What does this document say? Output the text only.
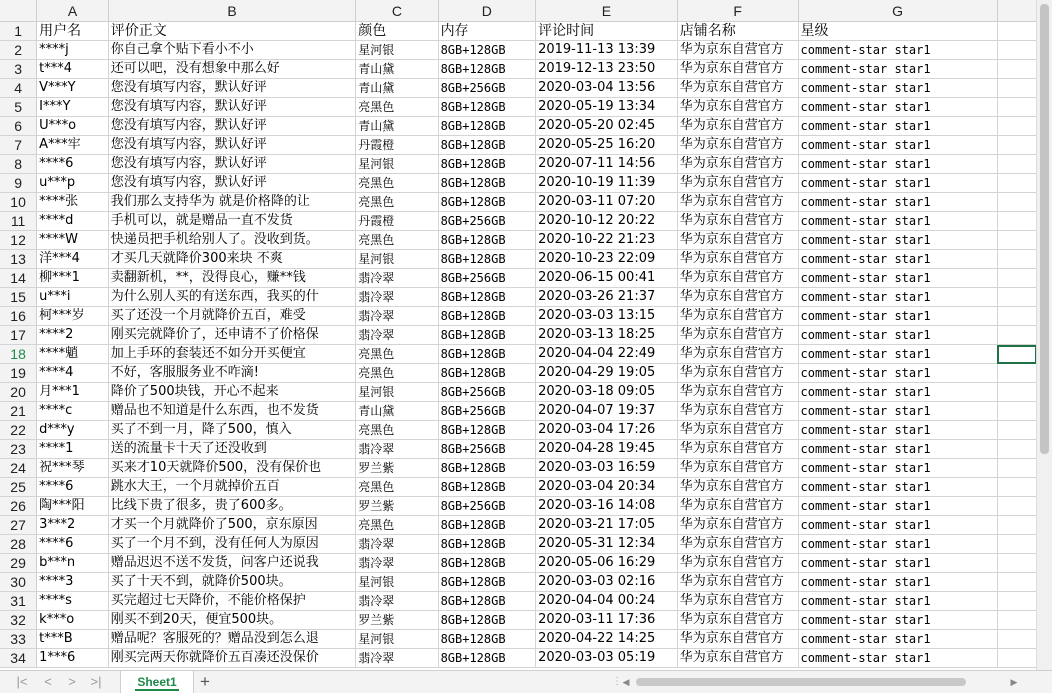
	A	B	C	D	E	F	G	
1	用户名	评价正文	颜色	内存	评论时间	店铺名称	星级	
2	****j	你自己拿个贴下看小不小	星河银	8GB+128GB	2019-11-13 13:39	华为京东自营官方	comment-star star1	
3	t***4	还可以吧，没有想象中那么好	青山黛	8GB+128GB	2019-12-13 23:50	华为京东自营官方	comment-star star1	
4	V***Y	您没有填写内容，默认好评	青山黛	8GB+256GB	2020-03-04 13:56	华为京东自营官方	comment-star star1	
5	I***Y	您没有填写内容，默认好评	亮黑色	8GB+128GB	2020-05-19 13:34	华为京东自营官方	comment-star star1	
6	U***o	您没有填写内容，默认好评	青山黛	8GB+128GB	2020-05-20 02:45	华为京东自营官方	comment-star star1	
7	A***牢	您没有填写内容，默认好评	丹霞橙	8GB+128GB	2020-05-25 16:20	华为京东自营官方	comment-star star1	
8	****6	您没有填写内容，默认好评	星河银	8GB+128GB	2020-07-11 14:56	华为京东自营官方	comment-star star1	
9	u***p	您没有填写内容，默认好评	亮黑色	8GB+128GB	2020-10-19 11:39	华为京东自营官方	comment-star star1	
10	****张	我们那么支持华为 就是价格降的让	亮黑色	8GB+128GB	2020-03-11 07:20	华为京东自营官方	comment-star star1	
11	****d	手机可以，就是赠品一直不发货	丹霞橙	8GB+256GB	2020-10-12 20:22	华为京东自营官方	comment-star star1	
12	****W	快递员把手机给别人了。没收到货。	亮黑色	8GB+128GB	2020-10-22 21:23	华为京东自营官方	comment-star star1	
13	洋***4	才买几天就降价300来块 不爽	星河银	8GB+128GB	2020-10-23 22:09	华为京东自营官方	comment-star star1	
14	柳***1	卖翻新机，**，没得良心，赚**钱	翡冷翠	8GB+256GB	2020-06-15 00:41	华为京东自营官方	comment-star star1	
15	u***i	为什么别人买的有送东西，我买的什	翡冷翠	8GB+128GB	2020-03-26 21:37	华为京东自营官方	comment-star star1	
16	柯***岁	买了还没一个月就降价五百，难受	翡冷翠	8GB+128GB	2020-03-03 13:15	华为京东自营官方	comment-star star1	
17	****2	刚买完就降价了，还申请不了价格保	翡冷翠	8GB+128GB	2020-03-13 18:25	华为京东自营官方	comment-star star1	
18	****魈	加上手环的套装还不如分开买便宜	亮黑色	8GB+128GB	2020-04-04 22:49	华为京东自营官方	comment-star star1	
19	****4	不好，客服服务业不咋滴!	亮黑色	8GB+128GB	2020-04-29 19:05	华为京东自营官方	comment-star star1	
20	月***1	降价了500块钱，开心不起来	星河银	8GB+256GB	2020-03-18 09:05	华为京东自营官方	comment-star star1	
21	****c	赠品也不知道是什么东西，也不发货	青山黛	8GB+256GB	2020-04-07 19:37	华为京东自营官方	comment-star star1	
22	d***y	买了不到一月，降了500，慎入	亮黑色	8GB+128GB	2020-03-04 17:26	华为京东自营官方	comment-star star1	
23	****1	送的流量卡十天了还没收到	翡冷翠	8GB+256GB	2020-04-28 19:45	华为京东自营官方	comment-star star1	
24	祝***琴	买来才10天就降价500，没有保价也	罗兰紫	8GB+128GB	2020-03-03 16:59	华为京东自营官方	comment-star star1	
25	****6	跳水大王，一个月就掉价五百	亮黑色	8GB+128GB	2020-03-04 20:34	华为京东自营官方	comment-star star1	
26	陶***阳	比线下贵了很多，贵了600多。	罗兰紫	8GB+256GB	2020-03-16 14:08	华为京东自营官方	comment-star star1	
27	3***2	才买一个月就降价了500，京东原因	亮黑色	8GB+128GB	2020-03-21 17:05	华为京东自营官方	comment-star star1	
28	****6	买了一个月不到，没有任何人为原因	翡冷翠	8GB+128GB	2020-05-31 12:34	华为京东自营官方	comment-star star1	
29	b***n	赠品迟迟不送不发货，问客户还说我	翡冷翠	8GB+128GB	2020-05-06 16:29	华为京东自营官方	comment-star star1	
30	****3	买了十天不到，就降价500块。	星河银	8GB+128GB	2020-03-03 02:16	华为京东自营官方	comment-star star1	
31	****s	买完超过七天降价，不能价格保护	翡冷翠	8GB+128GB	2020-04-04 00:24	华为京东自营官方	comment-star star1	
32	k***o	刚买不到20天，便宜500块。	罗兰紫	8GB+128GB	2020-03-11 17:36	华为京东自营官方	comment-star star1	
33	t***B	赠品呢？客服死的？赠品没到怎么退	星河银	8GB+128GB	2020-04-22 14:25	华为京东自营官方	comment-star star1	
34	1***6	刚买完两天你就降价五百凑还没保价	翡冷翠	8GB+128GB	2020-03-03 05:19	华为京东自营官方	comment-star star1	
|<	<	>	>|	Sheet1	+	⋮ ◀	▶
